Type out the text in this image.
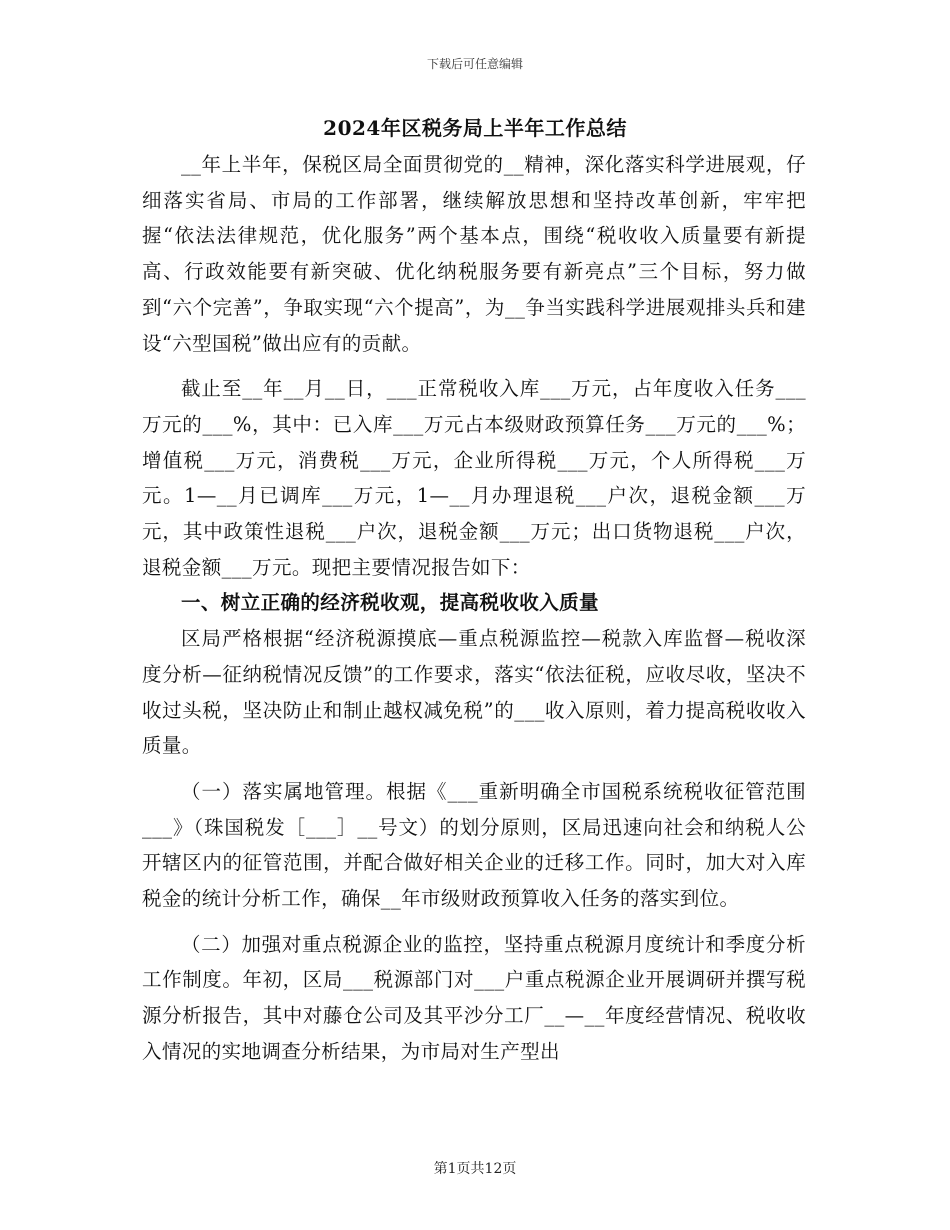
下载后可任意编辑
2024年区税务局上半年工作总结

__年上半年，保税区局全面贯彻党的__精神，深化落实科学进展观，仔细落实省局、市局的工作部署，继续解放思想和坚持改革创新，牢牢把握“依法法律规范，优化服务”两个基本点，围绕“税收收入质量要有新提高、行政效能要有新突破、优化纳税服务要有新亮点”三个目标，努力做到“六个完善”，争取实现“六个提高”，为__争当实践科学进展观排头兵和建设“六型国税”做出应有的贡献。

截止至__年__月__日，___正常税收入库___万元，占年度收入任务___万元的___%，其中：已入库___万元占本级财政预算任务___万元的___%；增值税___万元，消费税___万元，企业所得税___万元，个人所得税___万元。1—__月已调库___万元，1—__月办理退税___户次，退税金额___万元，其中政策性退税___户次，退税金额___万元；出口货物退税___户次，退税金额___万元。现把主要情况报告如下：

一、树立正确的经济税收观，提高税收收入质量

区局严格根据“经济税源摸底—重点税源监控—税款入库监督—税收深度分析—征纳税情况反馈”的工作要求，落实“依法征税，应收尽收，坚决不收过头税，坚决防止和制止越权减免税”的___收入原则，着力提高税收收入质量。

（一）落实属地管理。根据《___重新明确全市国税系统税收征管范围___》（珠国税发［___］__号文）的划分原则，区局迅速向社会和纳税人公开辖区内的征管范围，并配合做好相关企业的迁移工作。同时，加大对入库税金的统计分析工作，确保__年市级财政预算收入任务的落实到位。

（二）加强对重点税源企业的监控，坚持重点税源月度统计和季度分析工作制度。年初，区局___税源部门对___户重点税源企业开展调研并撰写税源分析报告，其中对藤仓公司及其平沙分工厂__—__年度经营情况、税收收入情况的实地调查分析结果，为市局对生产型出

第1页共12页
